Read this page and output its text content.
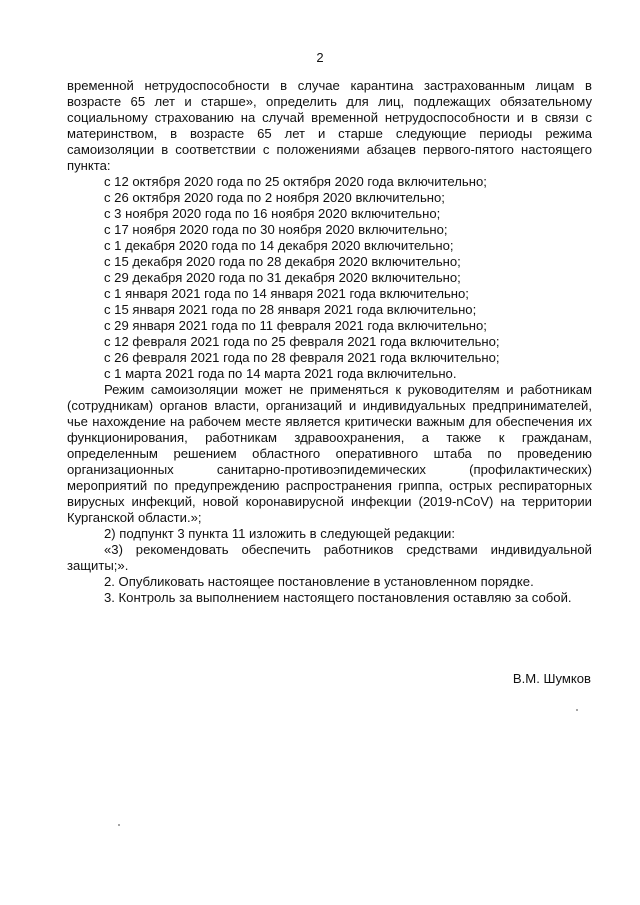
2

временной нетрудоспособности в случае карантина застрахованным лицам в возрасте 65 лет и старше», определить для лиц, подлежащих обязательному социальному страхованию на случай временной нетрудоспособности и в связи с материнством, в возрасте 65 лет и старше следующие периоды режима самоизоляции в соответствии с положениями абзацев первого-пятого настоящего пункта:

с 12 октября 2020 года по 25 октября 2020 года включительно;
с 26 октября 2020 года по 2 ноября 2020 включительно;
с 3 ноября 2020 года по 16 ноября 2020 включительно;
с 17 ноября 2020 года по 30 ноября 2020 включительно;
с 1 декабря 2020 года по 14 декабря 2020 включительно;
с 15 декабря 2020 года по 28 декабря 2020 включительно;
с 29 декабря 2020 года по 31 декабря 2020 включительно;
с 1 января 2021 года по 14 января 2021 года включительно;
с 15 января 2021 года по 28 января 2021 года включительно;
с 29 января 2021 года по 11 февраля 2021 года включительно;
с 12 февраля 2021 года по 25 февраля 2021 года включительно;
с 26 февраля 2021 года по 28 февраля 2021 года включительно;
с 1 марта 2021 года по 14 марта 2021 года включительно.

Режим самоизоляции может не применяться к руководителям и работникам (сотрудникам) органов власти, организаций и индивидуальных предпринимателей, чье нахождение на рабочем месте является критически важным для обеспечения их функционирования, работникам здравоохранения, а также к гражданам, определенным решением областного оперативного штаба по проведению организационных санитарно-противоэпидемических (профилактических) мероприятий по предупреждению распространения гриппа, острых респираторных вирусных инфекций, новой коронавирусной инфекции (2019-nCoV) на территории Курганской области.»;

2) подпункт 3 пункта 11 изложить в следующей редакции:

«3) рекомендовать обеспечить работников средствами индивидуальной защиты;».

2. Опубликовать настоящее постановление в установленном порядке.

3. Контроль за выполнением настоящего постановления оставляю за собой.

В.М. Шумков
